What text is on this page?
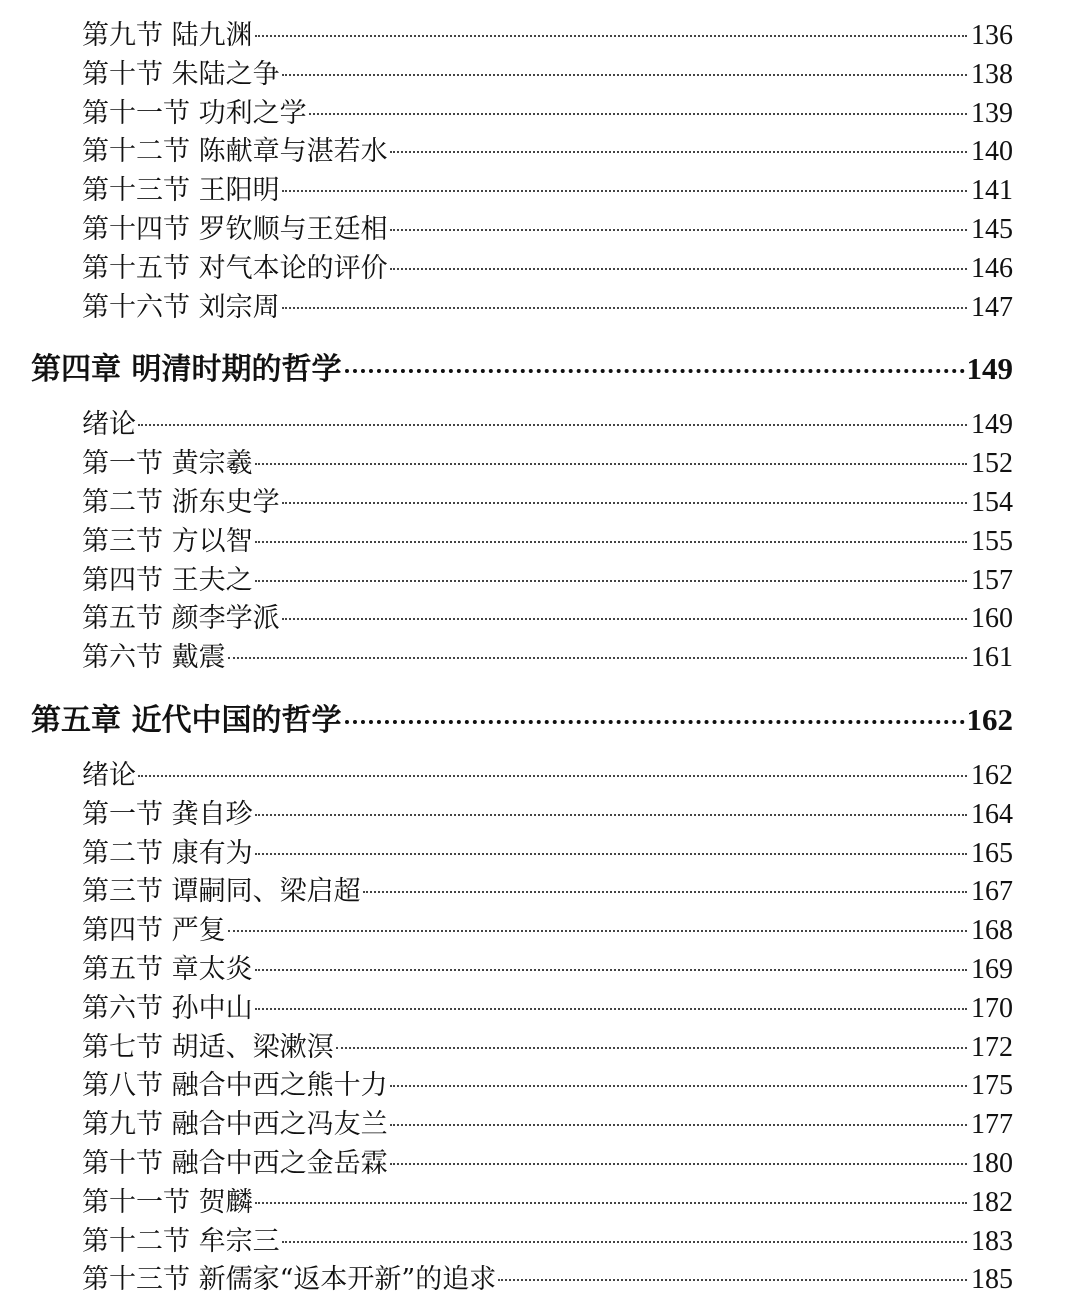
第九节 陆九渊	136
第十节 朱陆之争	138
第十一节 功利之学	139
第十二节 陈献章与湛若水	140
第十三节 王阳明	141
第十四节 罗钦顺与王廷相	145
第十五节 对气本论的评价	146
第十六节 刘宗周	147
第四章 明清时期的哲学	149
绪论	149
第一节 黄宗羲	152
第二节 浙东史学	154
第三节 方以智	155
第四节 王夫之	157
第五节 颜李学派	160
第六节 戴震	161
第五章 近代中国的哲学	162
绪论	162
第一节 龚自珍	164
第二节 康有为	165
第三节 谭嗣同、梁启超	167
第四节 严复	168
第五节 章太炎	169
第六节 孙中山	170
第七节 胡适、梁漱溟	172
第八节 融合中西之熊十力	175
第九节 融合中西之冯友兰	177
第十节 融合中西之金岳霖	180
第十一节 贺麟	182
第十二节 牟宗三	183
第十三节 新儒家“返本开新”的追求	185
